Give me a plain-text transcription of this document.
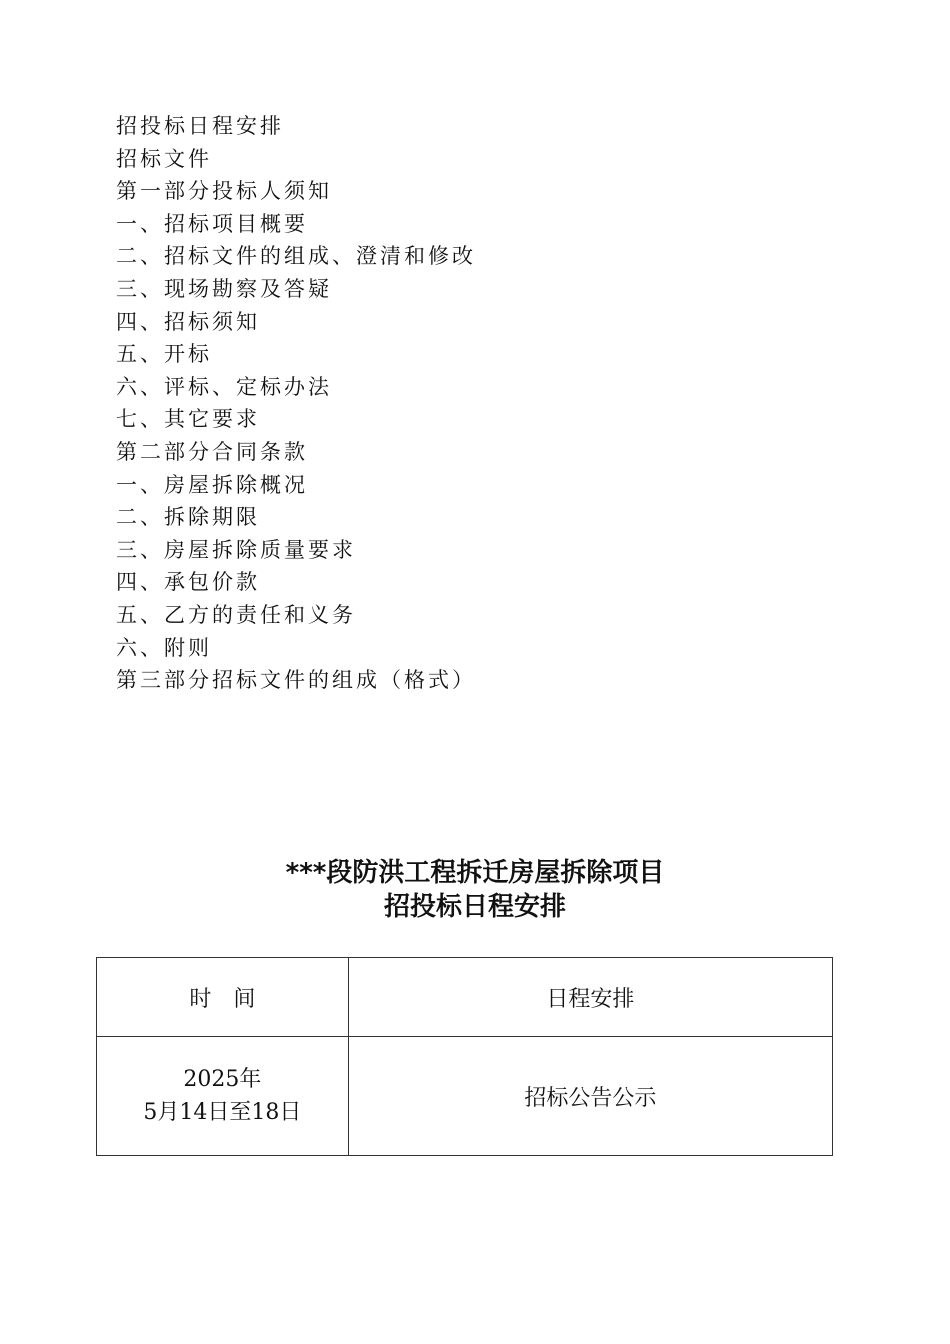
招投标日程安排
招标文件
第一部分投标人须知
一、招标项目概要
二、招标文件的组成、澄清和修改
三、现场勘察及答疑
四、招标须知
五、开标
六、评标、定标办法
七、其它要求
第二部分合同条款
一、房屋拆除概况
二、拆除期限
三、房屋拆除质量要求
四、承包价款
五、乙方的责任和义务
六、附则
第三部分招标文件的组成（格式）
***段防洪工程拆迁房屋拆除项目
招投标日程安排
时　间	日程安排

2025年
5月14日至18日	招标公告公示
